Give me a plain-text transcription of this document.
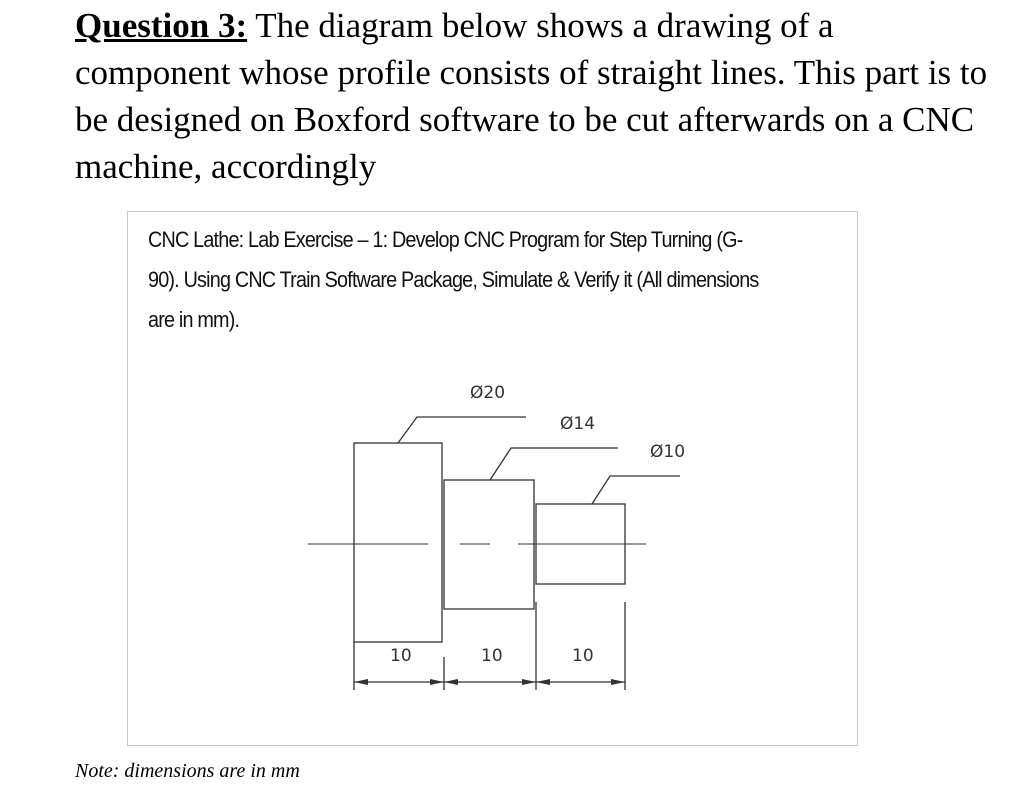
Question 3: The diagram below shows a drawing of a component whose profile consists of straight lines. This part is to be designed on Boxford software to be cut afterwards on a CNC machine, accordingly
CNC Lathe: Lab Exercise – 1: Develop CNC Program for Step Turning (G-90). Using CNC Train Software Package, Simulate & Verify it (All dimensions are in mm).
Ø20
Ø14
Ø10
10	10	10
Note: dimensions are in mm
